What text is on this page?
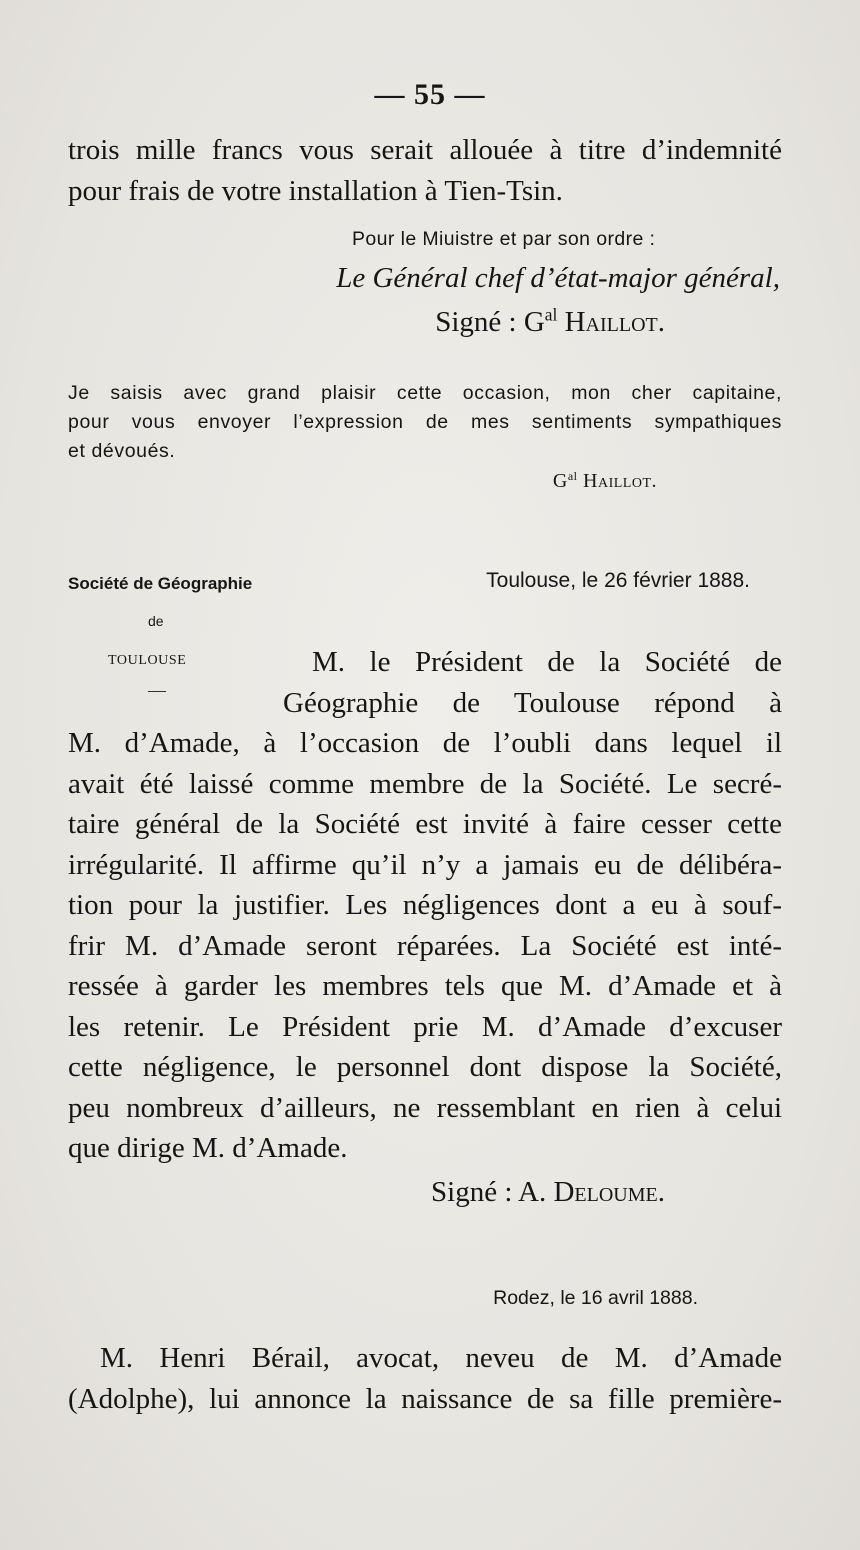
— 55 —
trois mille francs vous serait allouée à titre d’indemnité
pour frais de votre installation à Tien-Tsin.
Pour le Miuistre et par son ordre :
Le Général chef d’état-major général,
Signé : $G^{al}$ Haillot.
Je saisis avec grand plaisir cette occasion, mon cher capitaine,
pour vous envoyer l’expression de mes sentiments sympathiques
et dévoués.
$G^{al}$ Haillot.
Société de Géographie
de
TOULOUSE
—
Toulouse, le 26 février 1888.
M. le Président de la Société de
Géographie de Toulouse répond à
M. d’Amade, à l’occasion de l’oubli dans lequel il
avait été laissé comme membre de la Société. Le secré-
taire général de la Société est invité à faire cesser cette
irrégularité. Il affirme qu’il n’y a jamais eu de délibéra-
tion pour la justifier. Les négligences dont a eu à souf-
frir M. d’Amade seront réparées. La Société est inté-
ressée à garder les membres tels que M. d’Amade et à
les retenir. Le Président prie M. d’Amade d’excuser
cette négligence, le personnel dont dispose la Société,
peu nombreux d’ailleurs, ne ressemblant en rien à celui
que dirige M. d’Amade.
Signé : A. Deloume.
Rodez, le 16 avril 1888.
M. Henri Bérail, avocat, neveu de M. d’Amade
(Adolphe), lui annonce la naissance de sa fille première-
